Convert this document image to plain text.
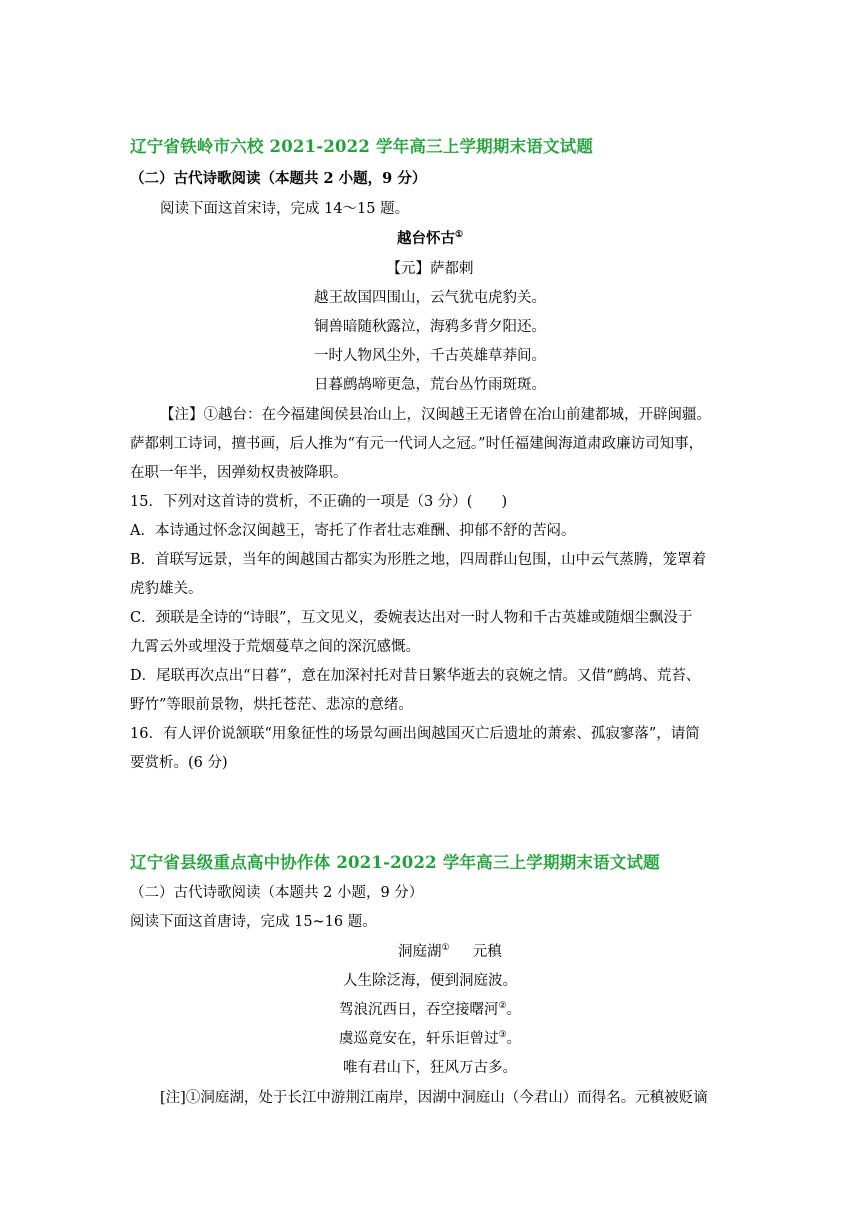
辽宁省铁岭市六校 2021-2022 学年高三上学期期末语文试题
（二）古代诗歌阅读（本题共 2 小题，9 分）
阅读下面这首宋诗，完成 14～15 题。
越台怀古①
【元】萨都剌
越王故国四围山，云气犹屯虎豹关。
铜兽暗随秋露泣，海鸦多背夕阳还。
一时人物风尘外，千古英雄草莽间。
日暮鹧鸪啼更急，荒台丛竹雨斑斑。
【注】①越台：在今福建闽侯县冶山上，汉闽越王无诸曾在冶山前建都城，开辟闽疆。
萨都剌工诗词，擅书画，后人推为“有元一代词人之冠。”时任福建闽海道肃政廉访司知事，
在职一年半，因弹劾权贵被降职。
15．下列对这首诗的赏析，不正确的一项是（3 分）(　　)
A．本诗通过怀念汉闽越王，寄托了作者壮志难酬、抑郁不舒的苦闷。
B．首联写远景，当年的闽越国古都实为形胜之地，四周群山包围，山中云气蒸腾，笼罩着
虎豹雄关。
C．颈联是全诗的“诗眼”，互文见义，委婉表达出对一时人物和千古英雄或随烟尘飘没于
九霄云外或埋没于荒烟蔓草之间的深沉感慨。
D．尾联再次点出“日暮”，意在加深衬托对昔日繁华逝去的哀婉之情。又借“鹧鸪、荒苔、
野竹”等眼前景物，烘托苍茫、悲凉的意绪。
16．有人评价说颔联“用象征性的场景勾画出闽越国灭亡后遗址的萧索、孤寂寥落”，请简
要赏析。(6 分)
辽宁省县级重点高中协作体 2021-2022 学年高三上学期期末语文试题
（二）古代诗歌阅读（本题共 2 小题，9 分）
阅读下面这首唐诗，完成 15~16 题。
洞庭湖① 元稹
人生除泛海，便到洞庭波。
驾浪沉西日，吞空接曙河②。
虞巡竟安在，轩乐讵曾过③。
唯有君山下，狂风万古多。
[注]①洞庭湖，处于长江中游荆江南岸，因湖中洞庭山（今君山）而得名。元稹被贬谪
